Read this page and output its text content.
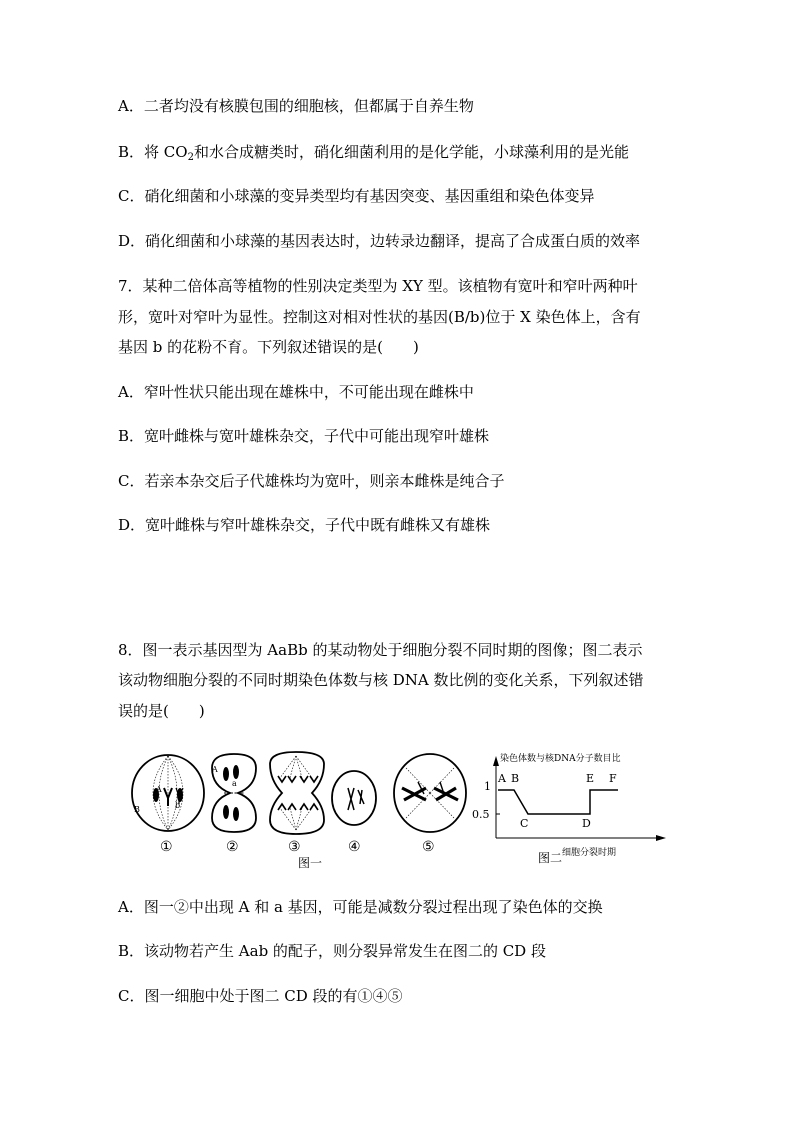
A．二者均没有核膜包围的细胞核，但都属于自养生物
B．将 $CO_2$和水合成糖类时，硝化细菌利用的是化学能，小球藻利用的是光能
C．硝化细菌和小球藻的变异类型均有基因突变、基因重组和染色体变异
D．硝化细菌和小球藻的基因表达时，边转录边翻译，提高了合成蛋白质的效率
7．某种二倍体高等植物的性别决定类型为 XY 型。该植物有宽叶和窄叶两种叶
形，宽叶对窄叶为显性。控制这对相对性状的基因(B/b)位于 X 染色体上，含有
基因 b 的花粉不育。下列叙述错误的是(　　)
A．窄叶性状只能出现在雄株中，不可能出现在雌株中
B．宽叶雌株与宽叶雄株杂交，子代中可能出现窄叶雄株
C．若亲本杂交后子代雄株均为宽叶，则亲本雌株是纯合子
D．宽叶雌株与窄叶雄株杂交，子代中既有雌株又有雄株
8．图一表示基因型为 AaBb 的某动物处于细胞分裂不同时期的图像；图二表示
该动物细胞分裂的不同时期染色体数与核 DNA 数比例的变化关系，下列叙述错
误的是(　　)
A
B	b
A
a
①	②	③	④	⑤
图一
染色体数与核DNA分子数目比
细胞分裂时期
1
0.5
A B
C	D
E F
图二
A．图一②中出现 A 和 a 基因，可能是减数分裂过程出现了染色体的交换
B．该动物若产生 Aab 的配子，则分裂异常发生在图二的 CD 段
C．图一细胞中处于图二 CD 段的有①④⑤
